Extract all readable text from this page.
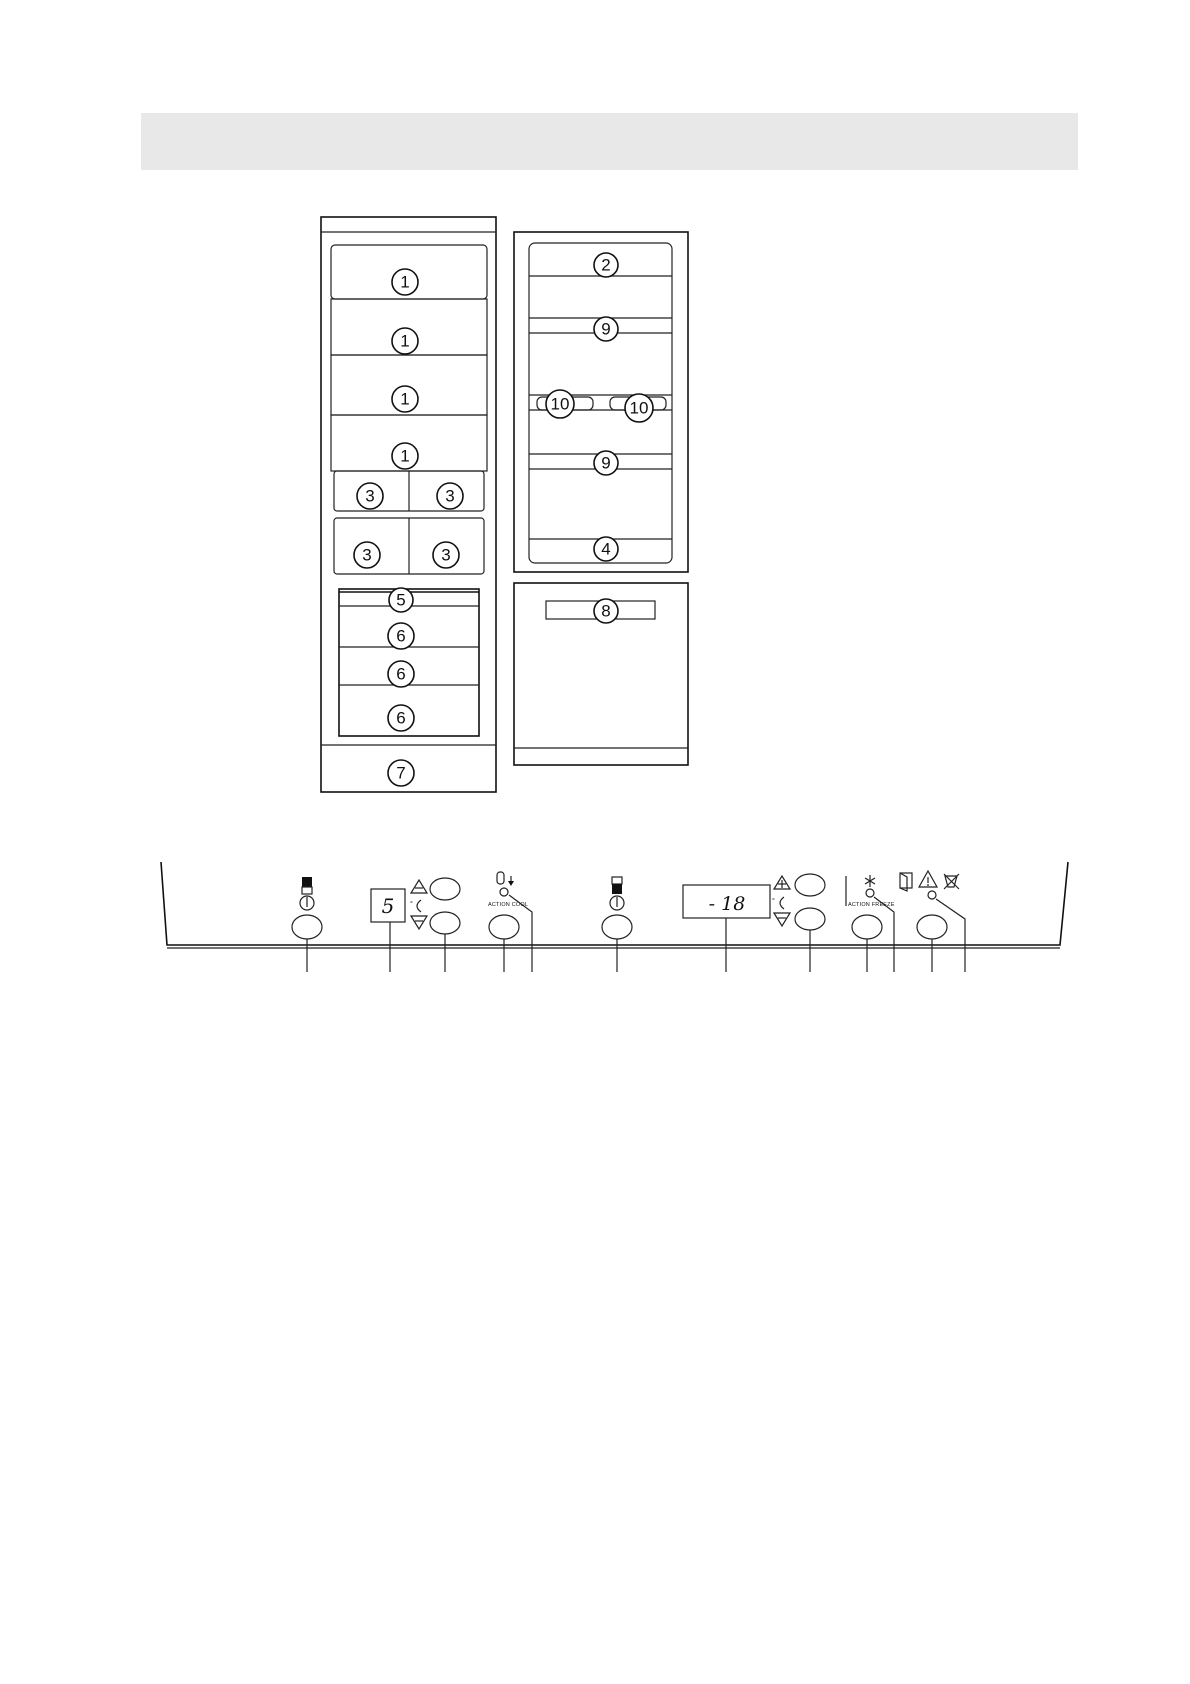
1
1
1
1
3	3
3	3
5
6
6
6
7
2
9
10	10
9
4
8
5 °	ACTION COOL	- 18	°	ACTION FREEZE
